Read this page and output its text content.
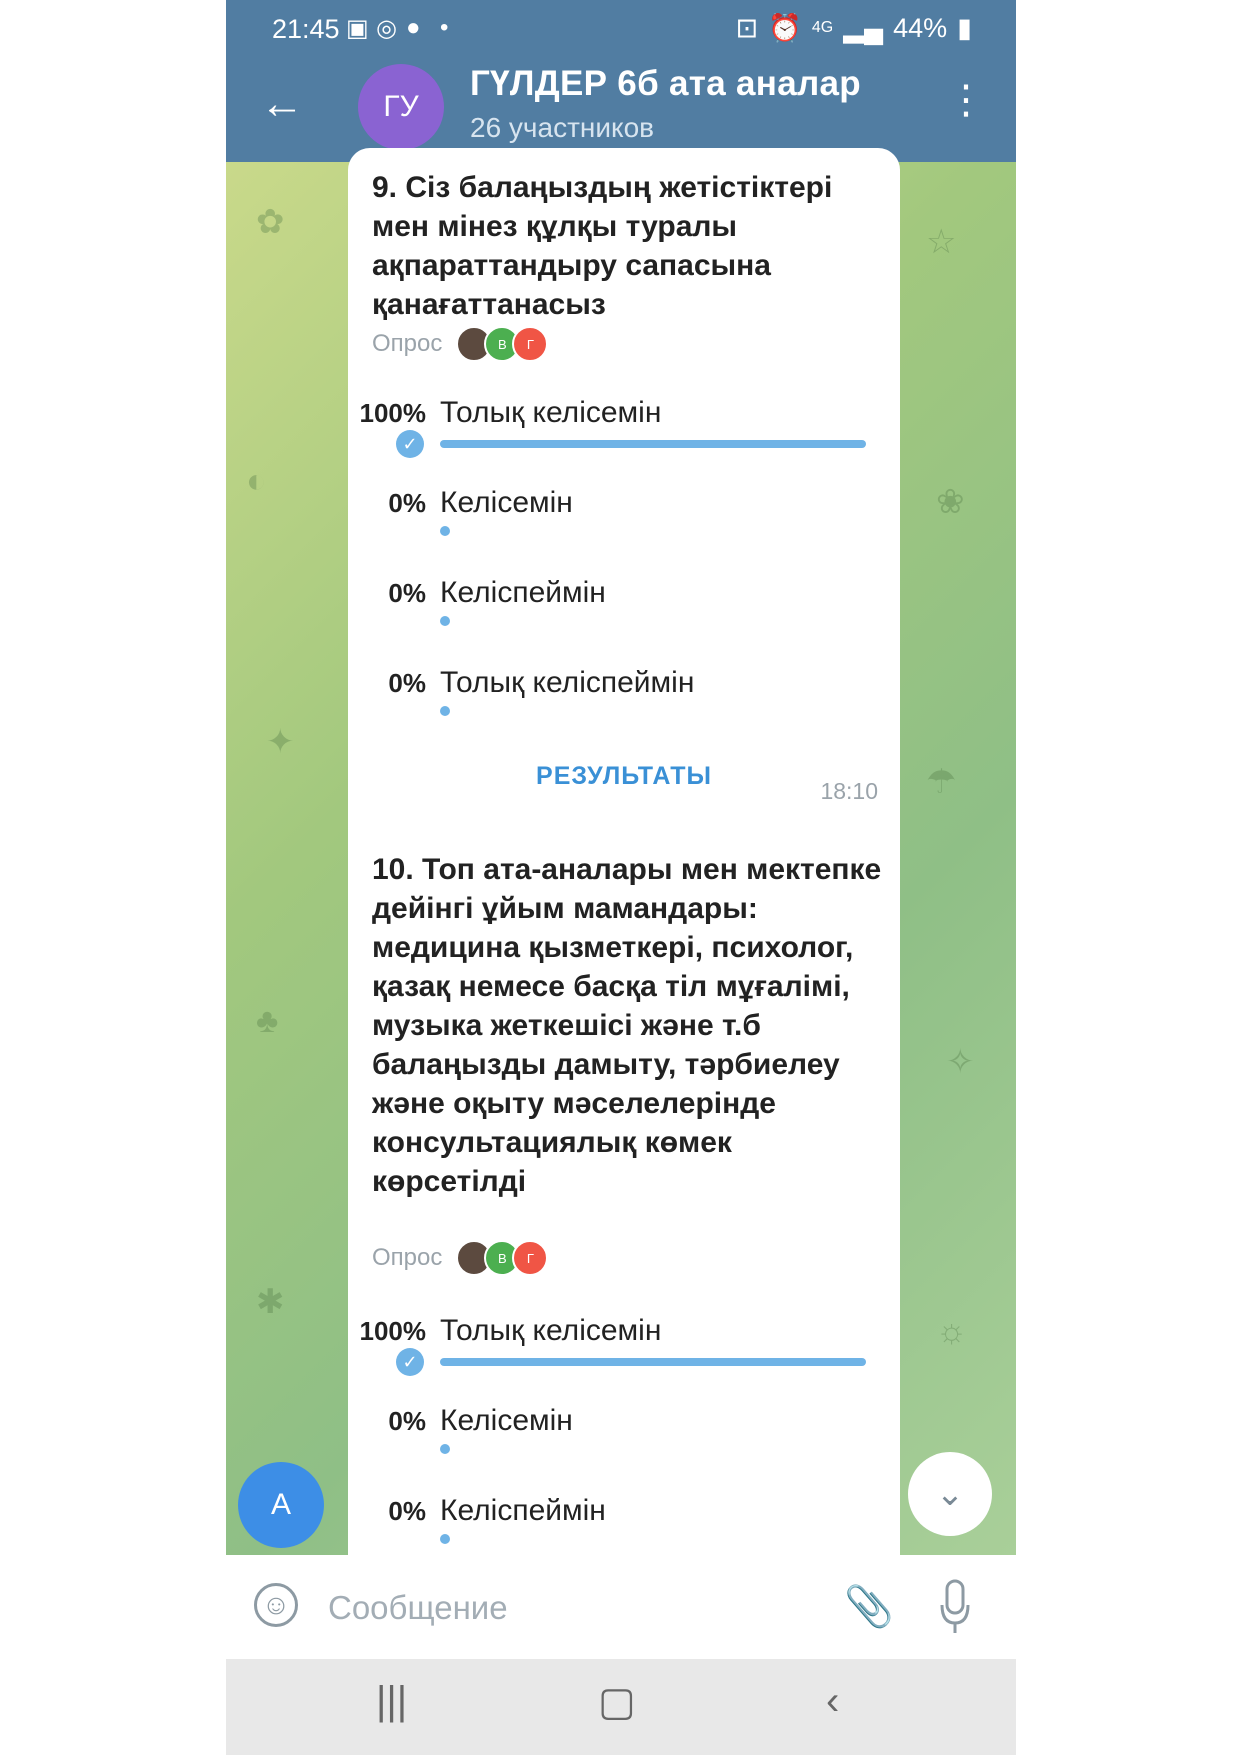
21:45 ▣ ◎ ● •	⊡ ⏰ 4G ▂▄ 44% ▮
←	ГУ
ГҮЛДЕР 6б ата аналар
26 участников
⋮
✿
☆
◐
❀
✦
☂
♣
✧
✱
☼
9. Сіз балаңыздың жетістіктері мен мінез құлқы туралы ақпараттандыру сапасына қанағаттанасыз
Опрос	В	Г
100% Толық келісемін
✓
0% Келісемін
0% Келіспеймін
0% Толық келіспеймін
РЕЗУЛЬТАТЫ
18:10
10. Топ ата-аналары мен мектепке дейінгі ұйым мамандары: медицина қызметкері, психолог, қазақ немесе басқа тіл мұғалімі, музыка жеткешісі және т.б балаңызды дамыту, тәрбиелеу және оқыту мәселелерінде консультациялық көмек көрсетілді
Опрос	В	Г
100% Толық келісемін
✓
0% Келісемін
0% Келіспеймін
A	⌄
☺
Сообщение	📎
|||	▢	‹
